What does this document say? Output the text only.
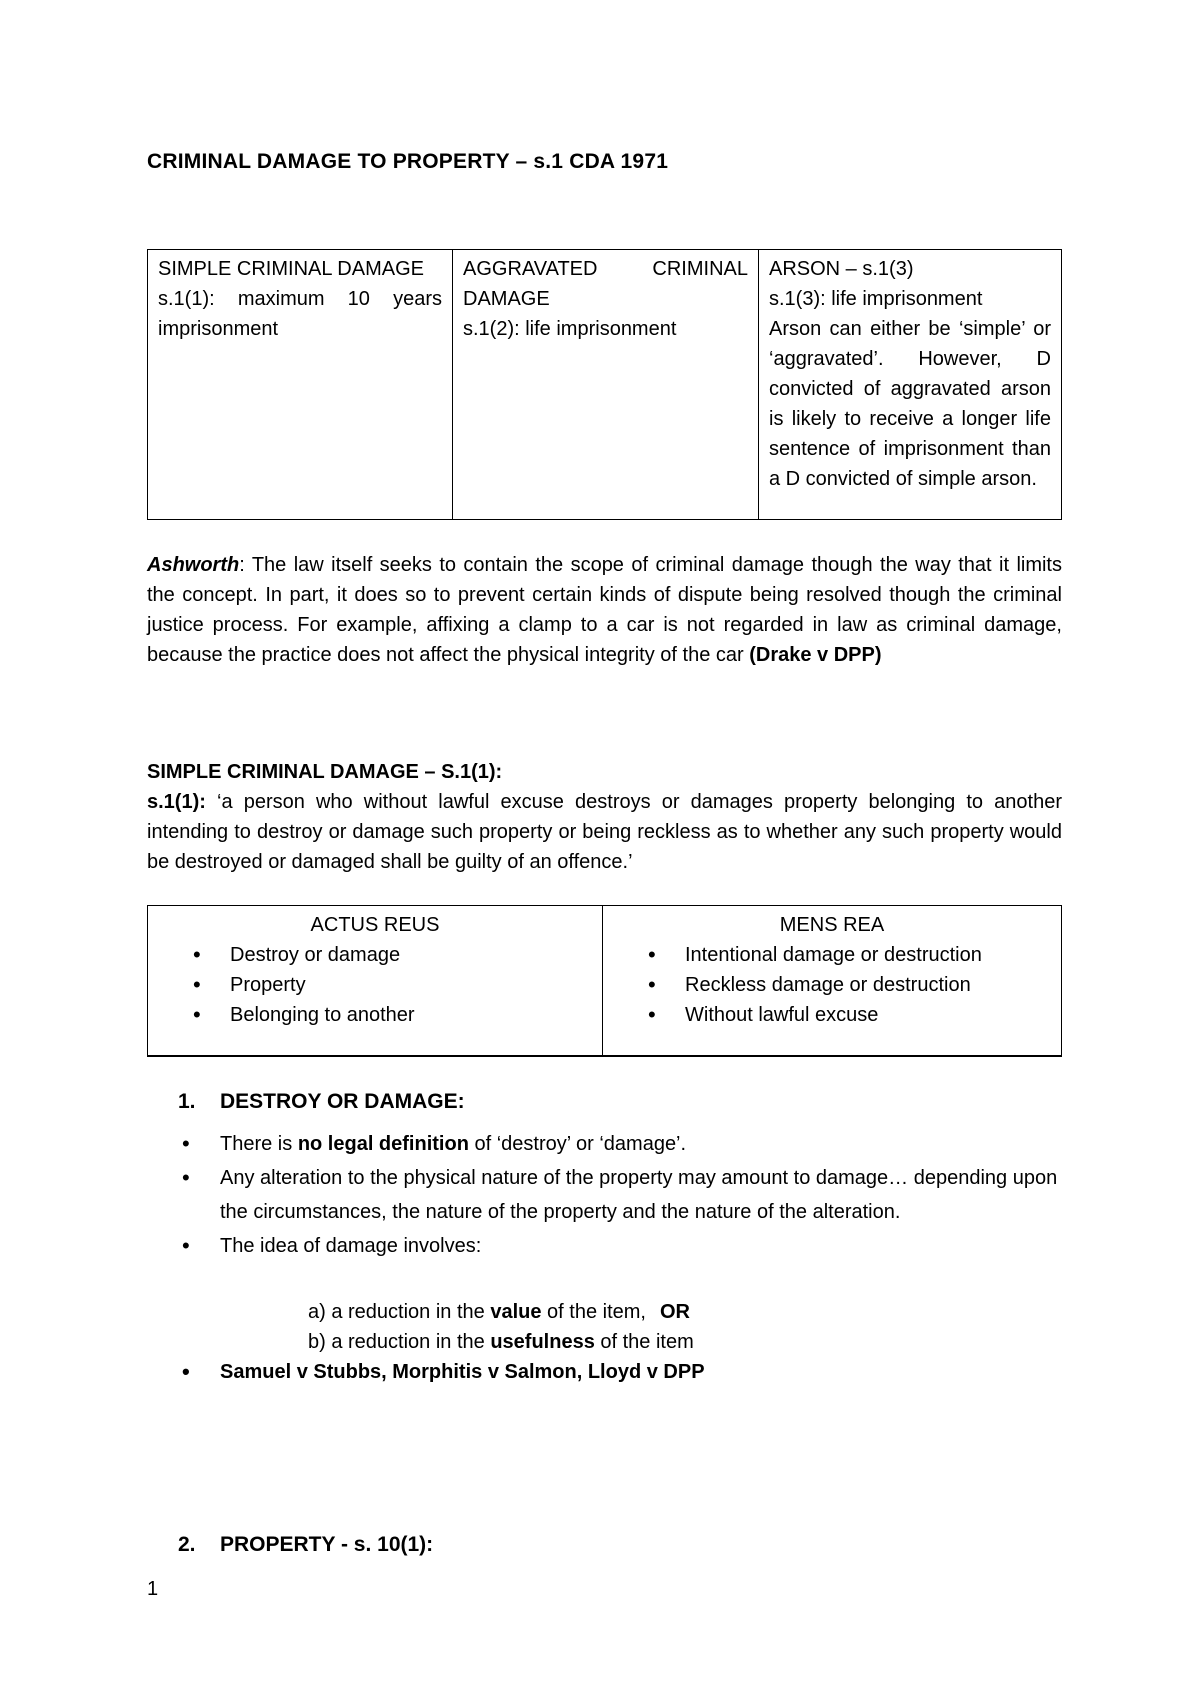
CRIMINAL DAMAGE TO PROPERTY – s.1 CDA 1971
SIMPLE CRIMINAL DAMAGE
s.1(1): maximum 10 years
imprisonment
AGGRAVATED	CRIMINAL
DAMAGE
s.1(2): life imprisonment
ARSON – s.1(3)
s.1(3): life imprisonment
Arson can either be ‘simple’ or ‘aggravated’. However, D convicted of aggravated arson is likely to receive a longer life sentence of imprisonment than a D convicted of simple arson.
Ashworth: The law itself seeks to contain the scope of criminal damage though the way that it limits the concept. In part, it does so to prevent certain kinds of dispute being resolved though the criminal justice process. For example, affixing a clamp to a car is not regarded in law as criminal damage, because the practice does not affect the physical integrity of the car (Drake v DPP)
SIMPLE CRIMINAL DAMAGE – S.1(1):
s.1(1): ‘a person who without lawful excuse destroys or damages property belonging to another intending to destroy or damage such property or being reckless as to whether any such property would be destroyed or damaged shall be guilty of an offence.’
ACTUS REUS
• Destroy or damage
• Property
• Belonging to another
MENS REA
• Intentional damage or destruction
• Reckless damage or destruction
• Without lawful excuse
1. DESTROY OR DAMAGE:
• There is no legal definition of ‘destroy’ or ‘damage’.
• Any alteration to the physical nature of the property may amount to damage… depending upon the circumstances, the nature of the property and the nature of the alteration.
• The idea of damage involves:
a) a reduction in the value of the item, OR
b) a reduction in the usefulness of the item
• Samuel v Stubbs, Morphitis v Salmon, Lloyd v DPP
2. PROPERTY - s. 10(1):
1
